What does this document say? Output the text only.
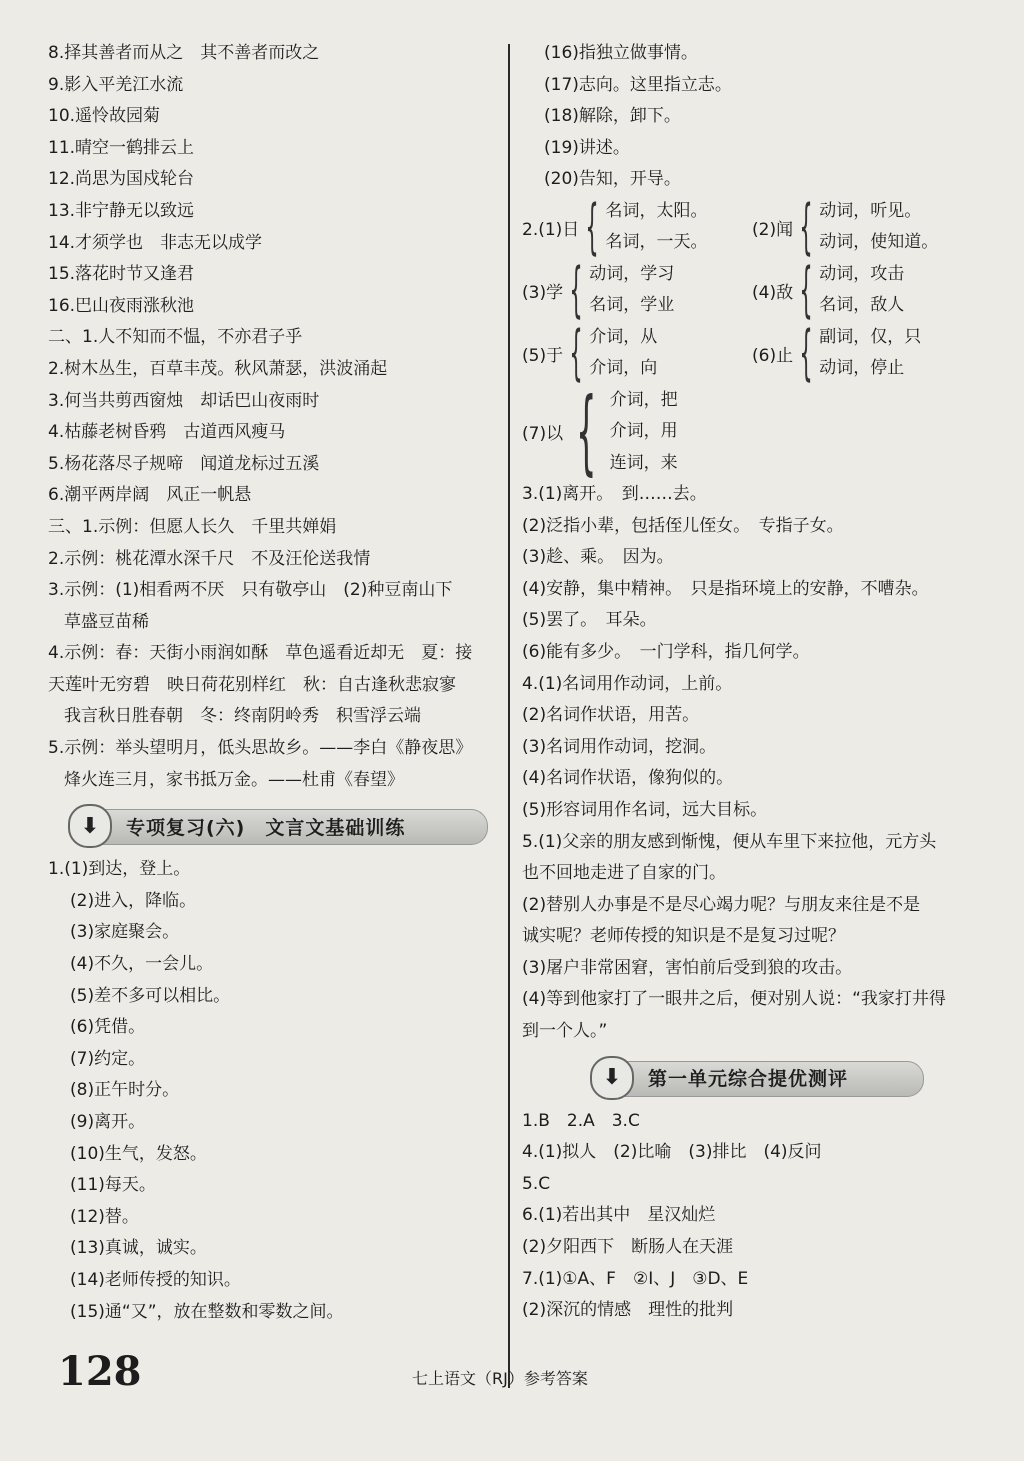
8.择其善者而从之　其不善者而改之
9.影入平羌江水流
10.遥怜故园菊
11.晴空一鹤排云上
12.尚思为国戍轮台
13.非宁静无以致远
14.才须学也　非志无以成学
15.落花时节又逢君
16.巴山夜雨涨秋池
二、1.人不知而不愠，不亦君子乎
2.树木丛生，百草丰茂。秋风萧瑟，洪波涌起
3.何当共剪西窗烛　却话巴山夜雨时
4.枯藤老树昏鸦　古道西风瘦马
5.杨花落尽子规啼　闻道龙标过五溪
6.潮平两岸阔　风正一帆悬
三、1.示例：但愿人长久　千里共婵娟
2.示例：桃花潭水深千尺　不及汪伦送我情
3.示例：(1)相看两不厌　只有敬亭山　(2)种豆南山下
草盛豆苗稀
4.示例：春：天街小雨润如酥　草色遥看近却无　夏：接
天莲叶无穷碧　映日荷花别样红　秋：自古逢秋悲寂寥
我言秋日胜春朝　冬：终南阴岭秀　积雪浮云端
5.示例：举头望明月，低头思故乡。——李白《静夜思》
烽火连三月，家书抵万金。——杜甫《春望》
⬇	专项复习(六)　文言文基础训练
1.(1)到达，登上。
(2)进入，降临。
(3)家庭聚会。
(4)不久，一会儿。
(5)差不多可以相比。
(6)凭借。
(7)约定。
(8)正午时分。
(9)离开。
(10)生气，发怒。
(11)每天。
(12)替。
(13)真诚，诚实。
(14)老师传授的知识。
(15)通“又”，放在整数和零数之间。
(16)指独立做事情。
(17)志向。这里指立志。
(18)解除，卸下。
(19)讲述。
(20)告知，开导。
2.(1)日 { 名词，太阳。
名词，一天。
(2)闻 { 动词，听见。
动词，使知道。
(3)学 { 动词，学习
名词，学业
(4)敌 { 动词，攻击
名词，敌人
(5)于 { 介词，从
介词，向
(6)止 { 副词，仅，只
动词，停止
(7)以 { 介词，把
介词，用
连词，来
3.(1)离开。　到……去。
(2)泛指小辈，包括侄儿侄女。　专指子女。
(3)趁、乘。　因为。
(4)安静，集中精神。　只是指环境上的安静，不嘈杂。
(5)罢了。　耳朵。
(6)能有多少。　一门学科，指几何学。
4.(1)名词用作动词，上前。
(2)名词作状语，用苦。
(3)名词用作动词，挖洞。
(4)名词作状语，像狗似的。
(5)形容词用作名词，远大目标。
5.(1)父亲的朋友感到惭愧，便从车里下来拉他，元方头
也不回地走进了自家的门。
(2)替别人办事是不是尽心竭力呢？与朋友来往是不是
诚实呢？老师传授的知识是不是复习过呢？
(3)屠户非常困窘，害怕前后受到狼的攻击。
(4)等到他家打了一眼井之后，便对别人说：“我家打井得
到一个人。”
⬇	第一单元综合提优测评
1.B　2.A　3.C
4.(1)拟人　(2)比喻　(3)排比　(4)反问
5.C
6.(1)若出其中　星汉灿烂
(2)夕阳西下　断肠人在天涯
7.(1)①A、F　②I、J　③D、E
(2)深沉的情感　理性的批判
128	七上语文（RJ）参考答案
